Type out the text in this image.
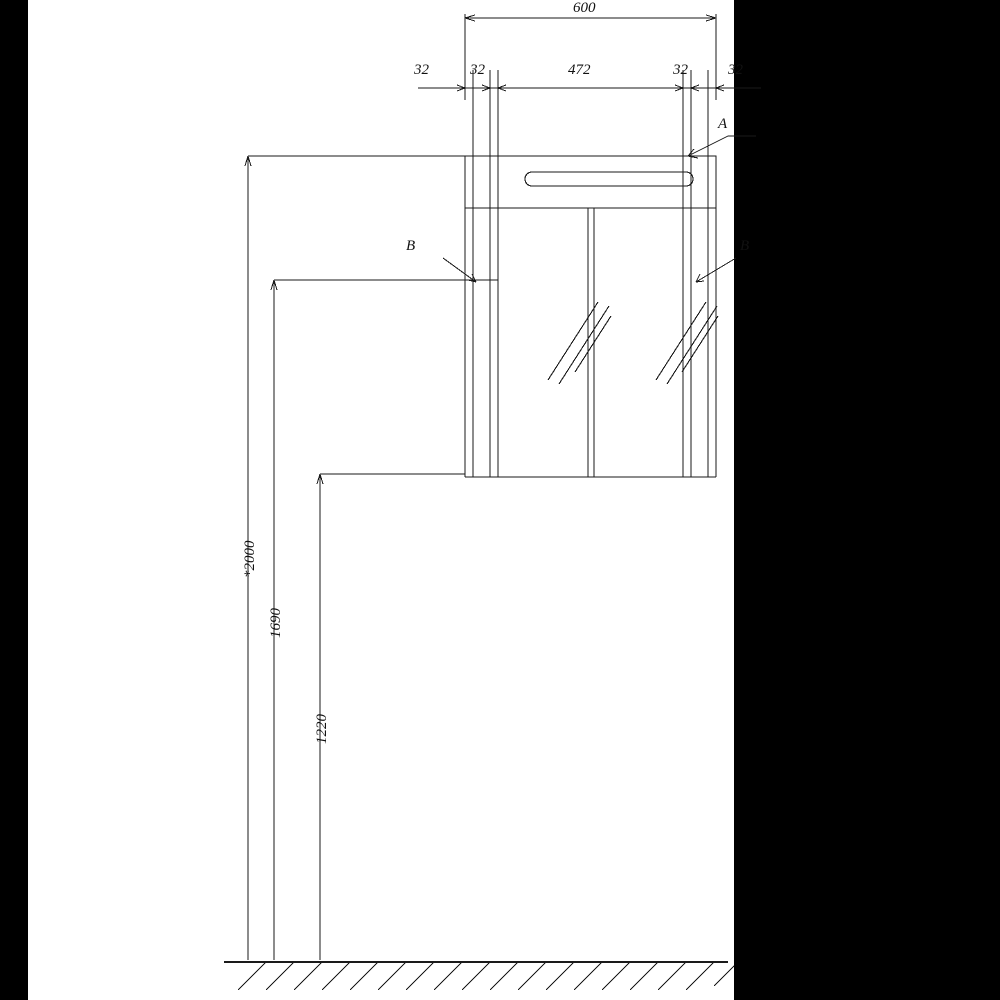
600
32	32	472	32	32
A
B	B
*2000
1690
1220
